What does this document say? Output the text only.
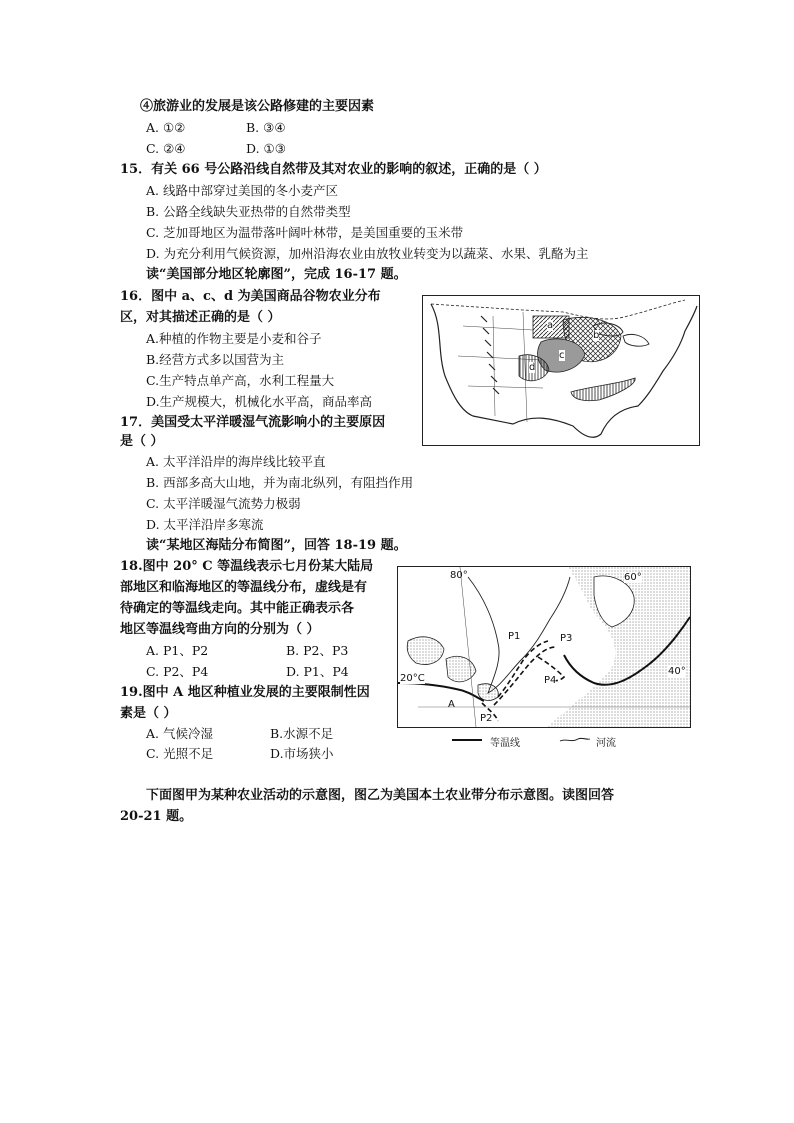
④旅游业的发展是该公路修建的主要因素
A. ①②	B. ③④
C. ②④	D. ①③
15．有关 66 号公路沿线自然带及其对农业的影响的叙述，正确的是（ ）
A. 线路中部穿过美国的冬小麦产区
B. 公路全线缺失亚热带的自然带类型
C. 芝加哥地区为温带落叶阔叶林带，是美国重要的玉米带
D. 为充分利用气候资源，加州沿海农业由放牧业转变为以蔬菜、水果、乳酪为主
读“美国部分地区轮廓图”，完成 16-17 题。
16．图中 a、c、d 为美国商品谷物农业分布
区，对其描述正确的是（ ）
A.种植的作物主要是小麦和谷子
B.经营方式多以国营为主
C.生产特点单产高，水利工程量大
D.生产规模大，机械化水平高，商品率高
17．美国受太平洋暖湿气流影响小的主要原因
是（ ）
A. 太平洋沿岸的海岸线比较平直
B. 西部多高大山地，并为南北纵列，有阻挡作用
C. 太平洋暖湿气流势力极弱
D. 太平洋沿岸多寒流
读“某地区海陆分布简图”，回答 18-19 题。
18.图中 20° C 等温线表示七月份某大陆局
部地区和临海地区的等温线分布，虚线是有
待确定的等温线走向。其中能正确表示各
地区等温线弯曲方向的分别为（ ）
A. P1、P2	B. P2、P3
C. P2、P4	D. P1、P4
19.图中 A 地区种植业发展的主要限制性因
素是（ ）
A. 气候冷湿	B.水源不足
C. 光照不足	D.市场狭小
下面图甲为某种农业活动的示意图，图乙为美国本土农业带分布示意图。读图回答
20-21 题。
a
b
c
d
80°	60°
40°
20°C
P1
P2
P3
P4
A
等温线	河流
